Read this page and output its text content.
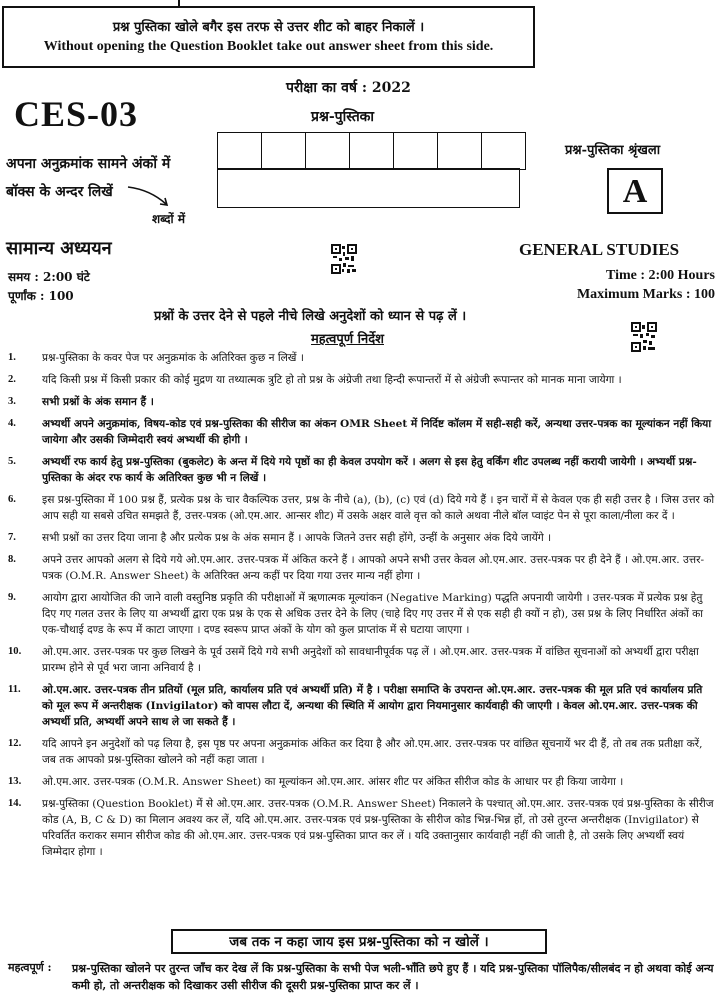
प्रश्न पुस्तिका खोले बगैर इस तरफ से उत्तर शीट को बाहर निकालें ।
Without opening the Question Booklet take out answer sheet from this side.
परीक्षा का वर्ष : 2022
प्रश्न-पुस्तिका
CES-03
अपना अनुक्रमांक सामने अंकों में
बॉक्स के अन्दर लिखें
शब्दों में
प्रश्न-पुस्तिका श्रृंखला
A
सामान्य अध्ययन	GENERAL STUDIES
समय : 2:00 घंटे
पूर्णांक : 100
Time : 2:00 Hours
Maximum Marks : 100
प्रश्नों के उत्तर देने से पहले नीचे लिखे अनुदेशों को ध्यान से पढ़ लें ।
महत्वपूर्ण निर्देश
1. प्रश्न-पुस्तिका के कवर पेज पर अनुक्रमांक के अतिरिक्त कुछ न लिखें ।
2. यदि किसी प्रश्न में किसी प्रकार की कोई मुद्रण या तथ्यात्मक त्रुटि हो तो प्रश्न के अंग्रेजी तथा हिन्दी रूपान्तरों में से अंग्रेजी रूपान्तर को मानक माना जायेगा ।
3. सभी प्रश्नों के अंक समान हैं ।
4. अभ्यर्थी अपने अनुक्रमांक, विषय-कोड एवं प्रश्न-पुस्तिका की सीरीज का अंकन OMR Sheet में निर्दिष्ट कॉलम में सही-सही करें, अन्यथा उत्तर-पत्रक का मूल्यांकन नहीं किया जायेगा और उसकी जिम्मेदारी स्वयं अभ्यर्थी की होगी ।
5. अभ्यर्थी रफ कार्य हेतु प्रश्न-पुस्तिका (बुकलेट) के अन्त में दिये गये पृष्ठों का ही केवल उपयोग करें । अलग से इस हेतु वर्किंग शीट उपलब्ध नहीं करायी जायेगी । अभ्यर्थी प्रश्न-पुस्तिका के अंदर रफ कार्य के अतिरिक्त कुछ भी न लिखें ।
6. इस प्रश्न-पुस्तिका में 100 प्रश्न हैं, प्रत्येक प्रश्न के चार वैकल्पिक उत्तर, प्रश्न के नीचे (a), (b), (c) एवं (d) दिये गये हैं । इन चारों में से केवल एक ही सही उत्तर है । जिस उत्तर को आप सही या सबसे उचित समझते हैं, उत्तर-पत्रक (ओ.एम.आर. आन्सर शीट) में उसके अक्षर वाले वृत्त को काले अथवा नीले बॉल प्वाइंट पेन से पूरा काला/नीला कर दें ।
7. सभी प्रश्नों का उत्तर दिया जाना है और प्रत्येक प्रश्न के अंक समान हैं । आपके जितने उत्तर सही होंगे, उन्हीं के अनुसार अंक दिये जायेंगे ।
8. अपने उत्तर आपको अलग से दिये गये ओ.एम.आर. उत्तर-पत्रक में अंकित करने हैं । आपको अपने सभी उत्तर केवल ओ.एम.आर. उत्तर-पत्रक पर ही देने हैं । ओ.एम.आर. उत्तर-पत्रक (O.M.R. Answer Sheet) के अतिरिक्त अन्य कहीं पर दिया गया उत्तर मान्य नहीं होगा ।
9. आयोग द्वारा आयोजित की जाने वाली वस्तुनिष्ठ प्रकृति की परीक्षाओं में ऋणात्मक मूल्यांकन (Negative Marking) पद्धति अपनायी जायेगी । उत्तर-पत्रक में प्रत्येक प्रश्न हेतु दिए गए गलत उत्तर के लिए या अभ्यर्थी द्वारा एक प्रश्न के एक से अधिक उत्तर देने के लिए (चाहे दिए गए उत्तर में से एक सही ही क्यों न हो), उस प्रश्न के लिए निर्धारित अंकों का एक-चौथाई दण्ड के रूप में काटा जाएगा । दण्ड स्वरूप प्राप्त अंकों के योग को कुल प्राप्तांक में से घटाया जाएगा ।
10. ओ.एम.आर. उत्तर-पत्रक पर कुछ लिखने के पूर्व उसमें दिये गये सभी अनुदेशों को सावधानीपूर्वक पढ़ लें । ओ.एम.आर. उत्तर-पत्रक में वांछित सूचनाओं को अभ्यर्थी द्वारा परीक्षा प्रारम्भ होने से पूर्व भरा जाना अनिवार्य है ।
11. ओ.एम.आर. उत्तर-पत्रक तीन प्रतियों (मूल प्रति, कार्यालय प्रति एवं अभ्यर्थी प्रति) में है । परीक्षा समाप्ति के उपरान्त ओ.एम.आर. उत्तर-पत्रक की मूल प्रति एवं कार्यालय प्रति को मूल रूप में अन्तरीक्षक (Invigilator) को वापस लौटा दें, अन्यथा की स्थिति में आयोग द्वारा नियमानुसार कार्यवाही की जाएगी । केवल ओ.एम.आर. उत्तर-पत्रक की अभ्यर्थी प्रति, अभ्यर्थी अपने साथ ले जा सकते हैं ।
12. यदि आपने इन अनुदेशों को पढ़ लिया है, इस पृष्ठ पर अपना अनुक्रमांक अंकित कर दिया है और ओ.एम.आर. उत्तर-पत्रक पर वांछित सूचनायें भर दी हैं, तो तब तक प्रतीक्षा करें, जब तक आपको प्रश्न-पुस्तिका खोलने को नहीं कहा जाता ।
13. ओ.एम.आर. उत्तर-पत्रक (O.M.R. Answer Sheet) का मूल्यांकन ओ.एम.आर. आंसर शीट पर अंकित सीरीज कोड के आधार पर ही किया जायेगा ।
14. प्रश्न-पुस्तिका (Question Booklet) में से ओ.एम.आर. उत्तर-पत्रक (O.M.R. Answer Sheet) निकालने के पश्चात् ओ.एम.आर. उत्तर-पत्रक एवं प्रश्न-पुस्तिका के सीरीज कोड (A, B, C & D) का मिलान अवश्य कर लें, यदि ओ.एम.आर. उत्तर-पत्रक एवं प्रश्न-पुस्तिका के सीरीज कोड भिन्न-भिन्न हों, तो उसे तुरन्त अन्तरीक्षक (Invigilator) से परिवर्तित कराकर समान सीरीज कोड की ओ.एम.आर. उत्तर-पत्रक एवं प्रश्न-पुस्तिका प्राप्त कर लें । यदि उक्तानुसार कार्यवाही नहीं की जाती है, तो उसके लिए अभ्यर्थी स्वयं जिम्मेदार होगा ।
जब तक न कहा जाय इस प्रश्न-पुस्तिका को न खोलें ।
महत्वपूर्ण : प्रश्न-पुस्तिका खोलने पर तुरन्त जाँच कर देख लें कि प्रश्न-पुस्तिका के सभी पेज भली-भाँति छपे हुए हैं । यदि प्रश्न-पुस्तिका पॉलिपैक/सीलबंद न हो अथवा कोई अन्य कमी हो, तो अन्तरीक्षक को दिखाकर उसी सीरीज की दूसरी प्रश्न-पुस्तिका प्राप्त कर लें ।
